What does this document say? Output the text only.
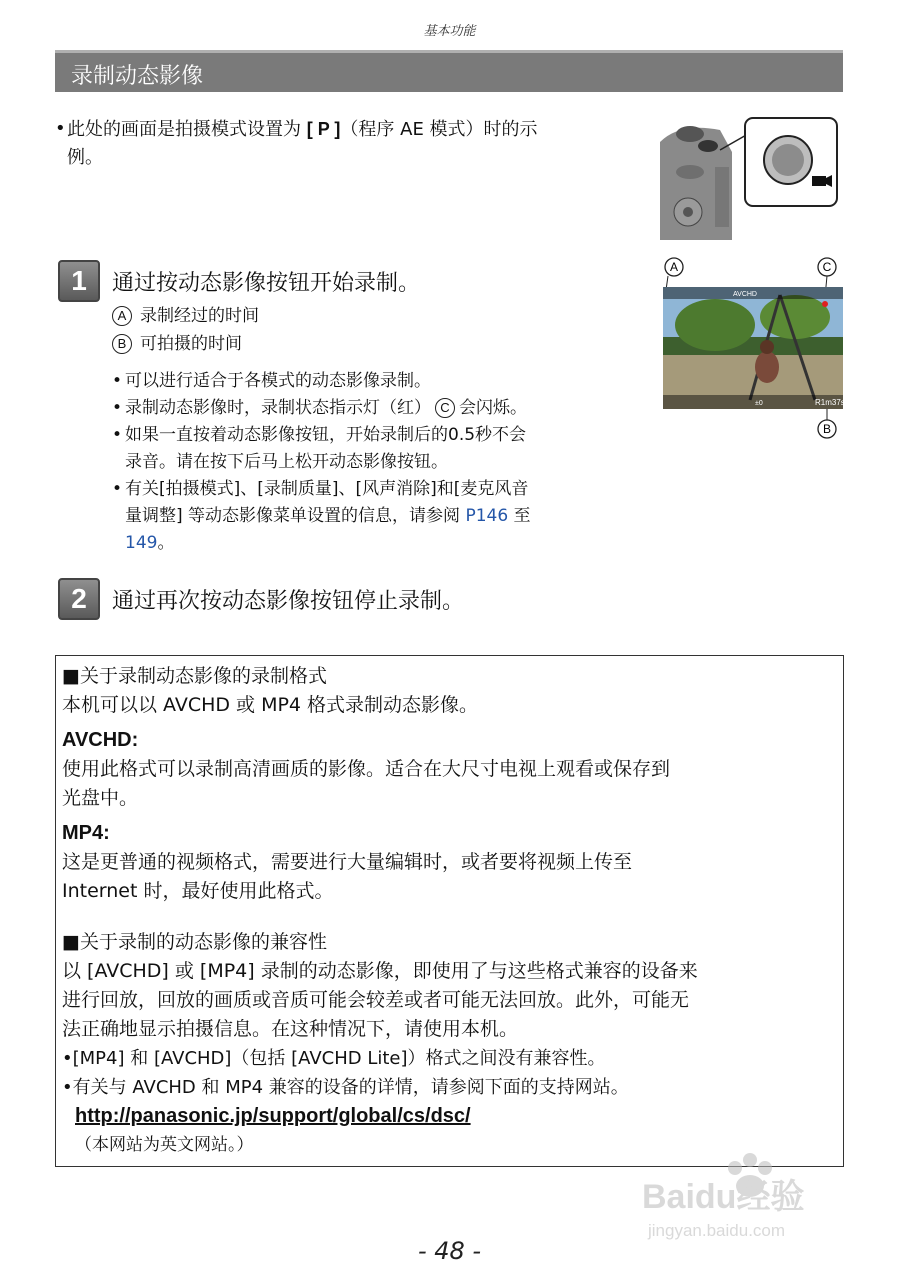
基本功能
录制动态影像
• 此处的画面是拍摄模式设置为 [ P ]（程序 AE 模式）时的示
例。
A	C
AVCHD
±0	R1m37s
B
1	通过按动态影像按钮开始录制。
A 录制经过的时间
B 可拍摄的时间
• 可以进行适合于各模式的动态影像录制。
• 录制动态影像时，录制状态指示灯（红） C 会闪烁。
• 如果一直按着动态影像按钮，开始录制后的0.5秒不会
录音。请在按下后马上松开动态影像按钮。
• 有关[拍摄模式]、[录制质量]、[风声消除]和[麦克风音
量调整] 等动态影像菜单设置的信息，请参阅 P146 至
149。
2	通过再次按动态影像按钮停止录制。

■关于录制动态影像的录制格式

本机可以以 AVCHD 或 MP4 格式录制动态影像。

AVCHD:

使用此格式可以录制高清画质的影像。适合在大尺寸电视上观看或保存到

光盘中。

MP4:

这是更普通的视频格式，需要进行大量编辑时，或者要将视频上传至

Internet 时，最好使用此格式。

■关于录制的动态影像的兼容性

以 [AVCHD] 或 [MP4] 录制的动态影像，即使用了与这些格式兼容的设备来

进行回放，回放的画质或音质可能会较差或者可能无法回放。此外，可能无

法正确地显示拍摄信息。在这种情况下，请使用本机。

•[MP4] 和 [AVCHD]（包括 [AVCHD Lite]）格式之间没有兼容性。

•有关与 AVCHD 和 MP4 兼容的设备的详情，请参阅下面的支持网站。

http://panasonic.jp/support/global/cs/dsc/

（本网站为英文网站。）

Baidu经验
jingyan.baidu.com
- 48 -
